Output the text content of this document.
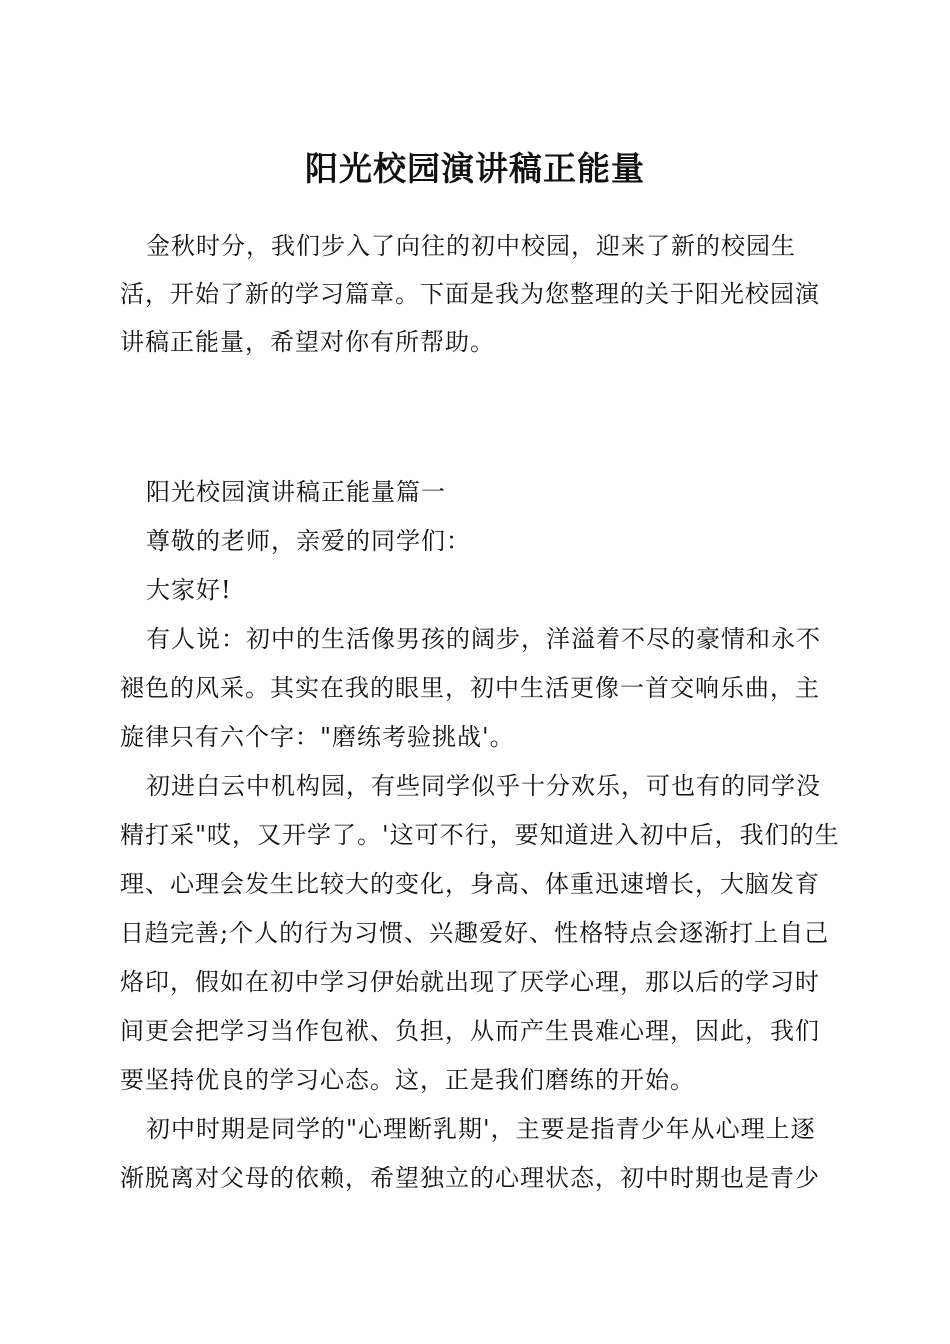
阳光校园演讲稿正能量

金秋时分，我们步入了向往的初中校园，迎来了新的校园生活，开始了新的学习篇章。下面是我为您整理的关于阳光校园演讲稿正能量，希望对你有所帮助。

阳光校园演讲稿正能量篇一

尊敬的老师，亲爱的同学们：

大家好!

有人说：初中的生活像男孩的阔步，洋溢着不尽的豪情和永不褪色的风采。其实在我的眼里，初中生活更像一首交响乐曲，主旋律只有六个字："磨练考验挑战'。

初进白云中机构园，有些同学似乎十分欢乐，可也有的同学没精打采"哎，又开学了。'这可不行，要知道进入初中后，我们的生理、心理会发生比较大的变化，身高、体重迅速增长，大脑发育日趋完善;个人的行为习惯、兴趣爱好、性格特点会逐渐打上自己烙印，假如在初中学习伊始就出现了厌学心理，那以后的学习时间更会把学习当作包袱、负担，从而产生畏难心理，因此，我们要坚持优良的学习心态。这，正是我们磨练的开始。

初中时期是同学的"心理断乳期'，主要是指青少年从心理上逐渐脱离对父母的依赖，希望独立的心理状态，初中时期也是青少
